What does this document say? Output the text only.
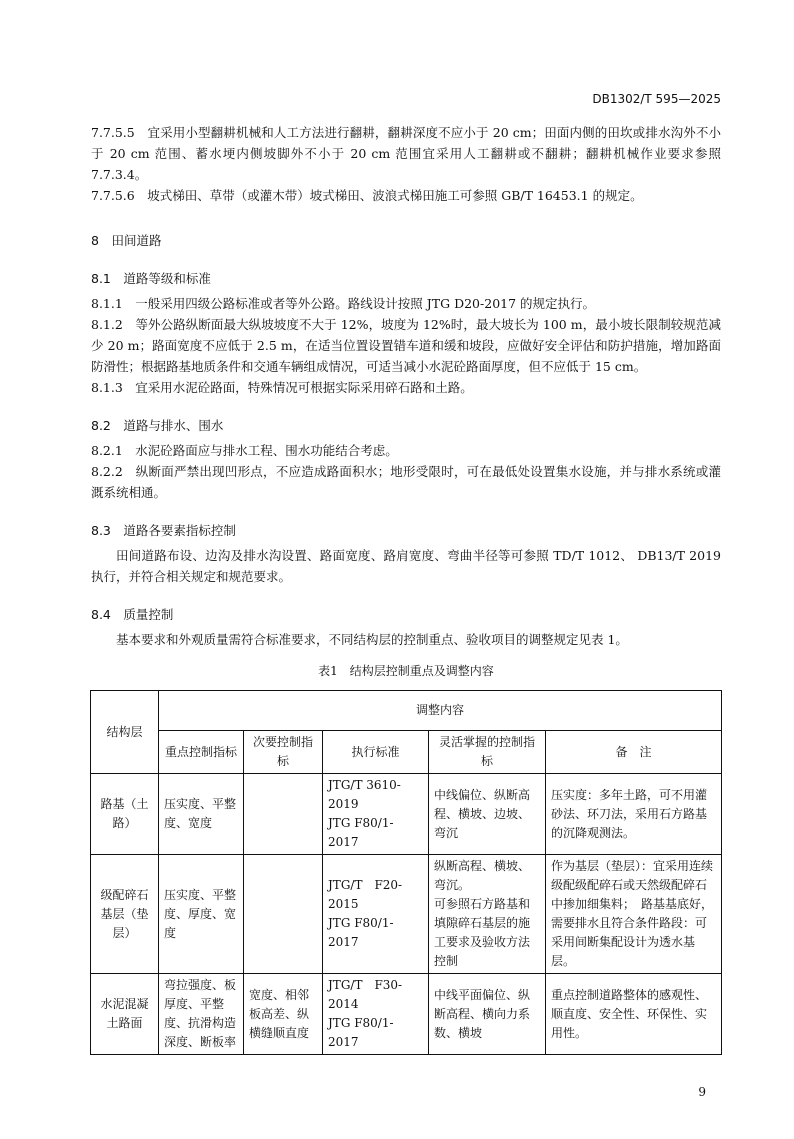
DB1302/T 595—2025

7.7.5.5　宜采用小型翻耕机械和人工方法进行翻耕，翻耕深度不应小于 20 cm；田面内侧的田坎或排水沟外不小于 20 cm 范围、蓄水埂内侧坡脚外不小于 20 cm 范围宜采用人工翻耕或不翻耕；翻耕机械作业要求参照 7.7.3.4。

7.7.5.6　坡式梯田、草带（或灌木带）坡式梯田、波浪式梯田施工可参照 GB/T 16453.1 的规定。

8　田间道路
8.1　道路等级和标准

8.1.1　一般采用四级公路标准或者等外公路。路线设计按照 JTG D20-2017 的规定执行。

8.1.2　等外公路纵断面最大纵坡坡度不大于 12%，坡度为 12%时，最大坡长为 100 m，最小坡长限制较规范减少 20 m；路面宽度不应低于 2.5 m，在适当位置设置错车道和缓和坡段，应做好安全评估和防护措施，增加路面防滑性；根据路基地质条件和交通车辆组成情况，可适当减小水泥砼路面厚度，但不应低于 15 cm。

8.1.3　宜采用水泥砼路面，特殊情况可根据实际采用碎石路和土路。

8.2　道路与排水、围水

8.2.1　水泥砼路面应与排水工程、围水功能结合考虑。

8.2.2　纵断面严禁出现凹形点，不应造成路面积水；地形受限时，可在最低处设置集水设施，并与排水系统或灌溉系统相通。

8.3　道路各要素指标控制

田间道路布设、边沟及排水沟设置、路面宽度、路肩宽度、弯曲半径等可参照 TD/T 1012、 DB13/T 2019 执行，并符合相关规定和规范要求。

8.4　质量控制

基本要求和外观质量需符合标准要求，不同结构层的控制重点、验收项目的调整规定见表 1。

表1　结构层控制重点及调整内容
结构层	调整内容				
	重点控制指标	次要控制指标	执行标准	灵活掌握的控制指标	备　注
路基（土路）	压实度、平整度、宽度		JTG/T 3610-2019
JTG F80/1-2017	中线偏位、纵断高程、横坡、边坡、弯沉	压实度：多年土路，可不用灌砂法、环刀法，采用石方路基的沉降观测法。
级配碎石基层（垫层）	压实度、平整度、厚度、宽度		JTG/T　F20-2015
JTG F80/1-2017	纵断高程、横坡、弯沉。
可参照石方路基和填隙碎石基层的施工要求及验收方法控制	作为基层（垫层）：宜采用连续级配级配碎石或天然级配碎石中掺加细集料；　路基基底好，需要排水且符合条件路段：可采用间断集配设计为透水基层。
水泥混凝土路面	弯拉强度、板厚度、平整度、抗滑构造深度、断板率	宽度、相邻板高差、纵横缝顺直度	JTG/T　F30-2014
JTG F80/1-2017	中线平面偏位、纵断高程、横向力系数、横坡	重点控制道路整体的感观性、顺直度、安全性、环保性、实用性。
9
